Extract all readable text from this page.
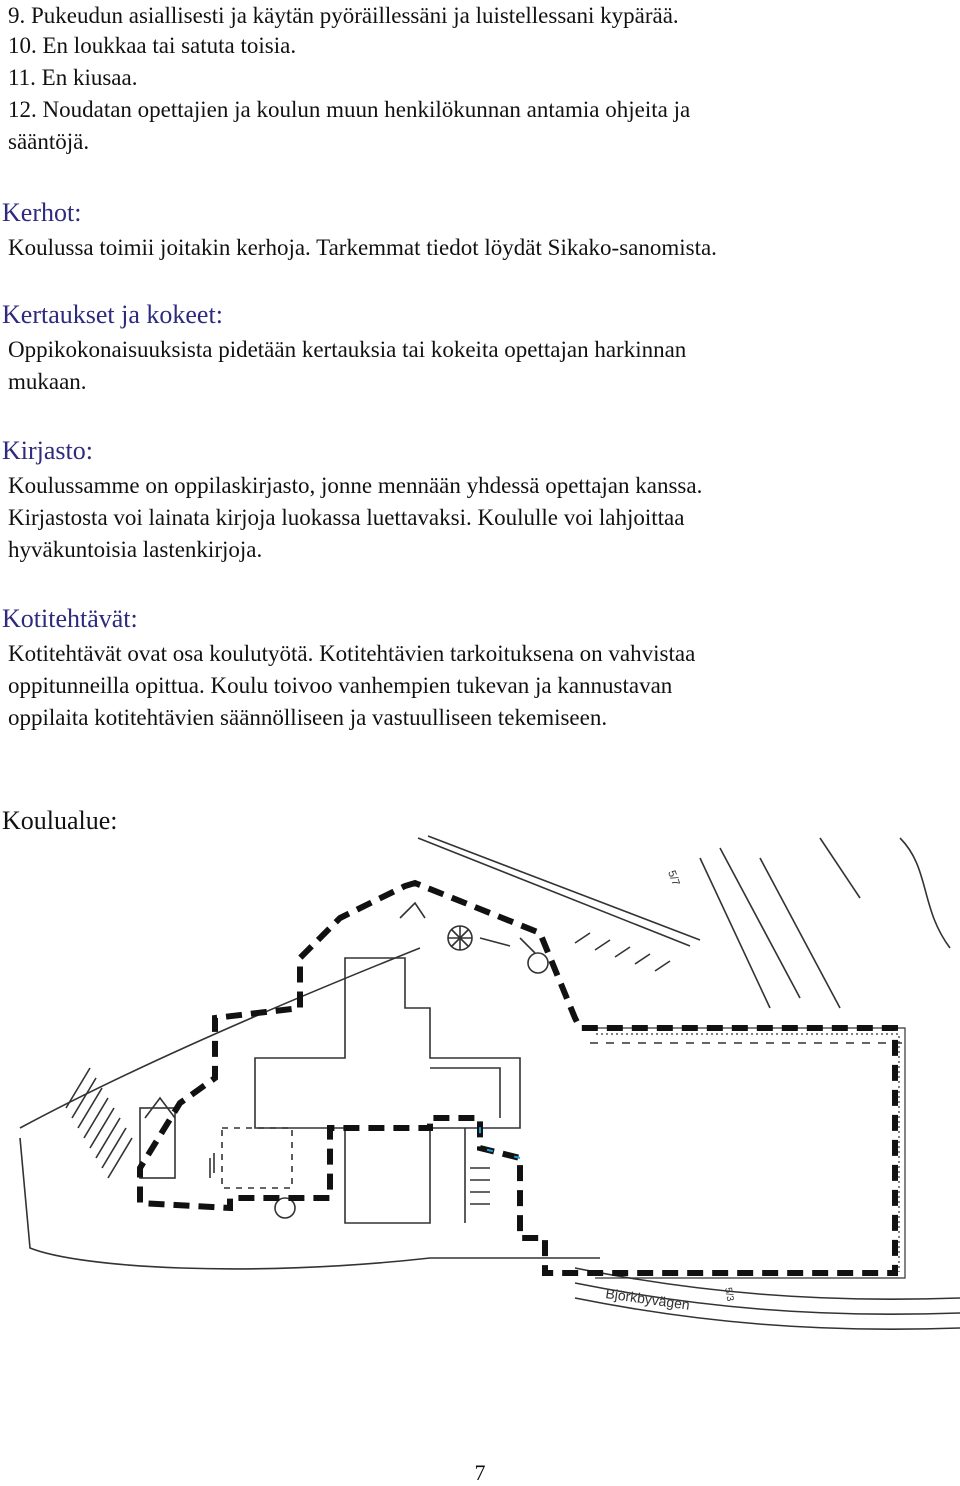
9. Pukeudun asiallisesti ja käytän pyöräillessäni ja luistellessani kypärää.
10. En loukkaa tai satuta toisia.
11. En kiusaa.
12. Noudatan opettajien ja koulun muun henkilökunnan antamia ohjeita ja
sääntöjä.
Kerhot:
Koulussa toimii joitakin kerhoja. Tarkemmat tiedot löydät Sikako-sanomista.
Kertaukset ja kokeet:
Oppikokonaisuuksista pidetään kertauksia tai kokeita opettajan harkinnan
mukaan.
Kirjasto:
Koulussamme on oppilaskirjasto, jonne mennään yhdessä opettajan kanssa.
Kirjastosta voi lainata kirjoja luokassa luettavaksi. Koululle voi lahjoittaa
hyväkuntoisia lastenkirjoja.
Kotitehtävät:
Kotitehtävät ovat osa koulutyötä. Kotitehtävien tarkoituksena on vahvistaa
oppitunneilla opittua. Koulu toivoo vanhempien tukevan ja kannustavan
oppilaita kotitehtävien säännölliseen ja vastuulliseen tekemiseen.
Koulualue:
Björkbyvägen
5/7
5/3
7
